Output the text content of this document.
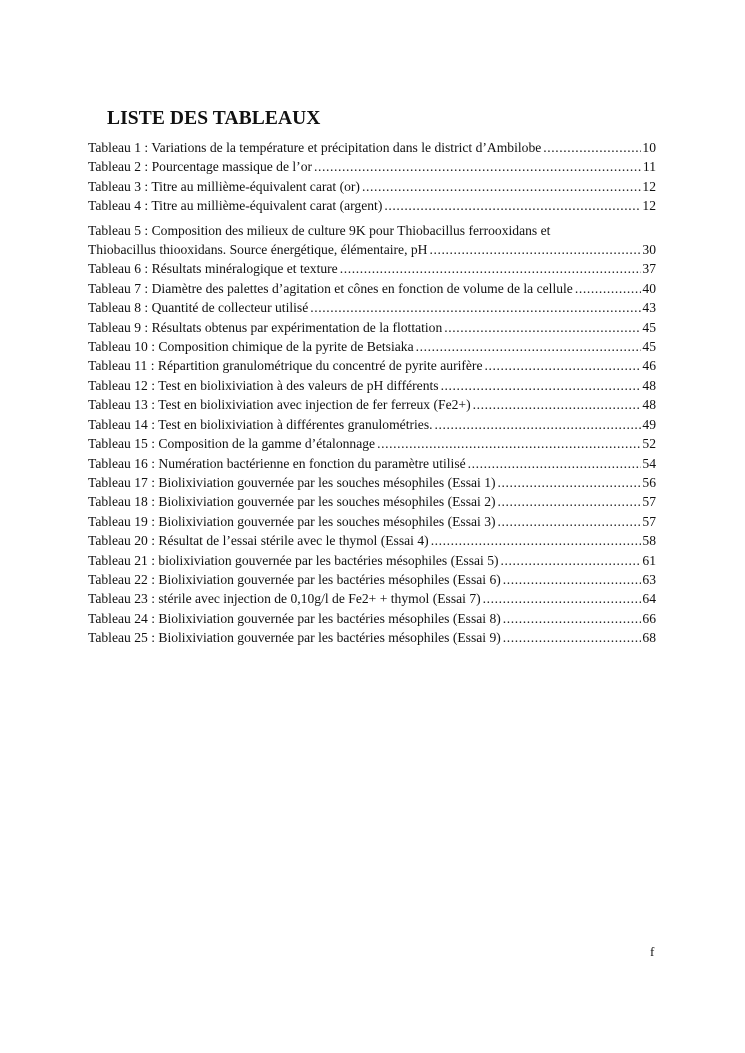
LISTE DES TABLEAUX
Tableau 1 : Variations de la température et précipitation dans le district d’Ambilobe .....	10
Tableau 2 : Pourcentage massique de l’or .....	11
Tableau 3 : Titre au millième-équivalent carat (or) .....	12
Tableau 4 : Titre au millième-équivalent carat (argent) .....	12
Tableau 5 : Composition des milieux de culture 9K pour Thiobacillus ferrooxidans et
Thiobacillus thiooxidans. Source énergétique, élémentaire, pH .....	30
Tableau 6 : Résultats minéralogique et texture .....	37
Tableau 7 : Diamètre des palettes d’agitation et cônes en fonction de volume de la cellule .....	40
Tableau 8 : Quantité de collecteur utilisé .....	43
Tableau 9 : Résultats obtenus par expérimentation de la flottation .....	45
Tableau 10 : Composition chimique de la pyrite de Betsiaka .....	45
Tableau 11 : Répartition granulométrique du concentré de pyrite aurifère .....	46
Tableau 12 : Test en biolixiviation à des valeurs de pH différents .....	48
Tableau 13 : Test en biolixiviation avec injection de fer ferreux (Fe2+) .....	48
Tableau 14 : Test en biolixiviation à différentes granulométries. .....	49
Tableau 15 : Composition de la gamme d’étalonnage .....	52
Tableau 16 : Numération bactérienne en fonction du paramètre utilisé .....	54
Tableau 17 : Biolixiviation gouvernée par les souches mésophiles (Essai 1) .....	56
Tableau 18 : Biolixiviation gouvernée par les souches mésophiles (Essai 2) .....	57
Tableau 19 : Biolixiviation gouvernée par les souches mésophiles (Essai 3) .....	57
Tableau 20 : Résultat de l’essai stérile avec le thymol (Essai 4) .....	58
Tableau 21 : biolixiviation gouvernée par les bactéries mésophiles (Essai 5) .....	61
Tableau 22 : Biolixiviation gouvernée par les bactéries mésophiles (Essai 6) .....	63
Tableau 23 : stérile avec injection de 0,10g/l de Fe2+ + thymol (Essai 7) .....	64
Tableau 24 : Biolixiviation gouvernée par les bactéries mésophiles (Essai 8) .....	66
Tableau 25 : Biolixiviation gouvernée par les bactéries mésophiles (Essai 9) .....	68
f
